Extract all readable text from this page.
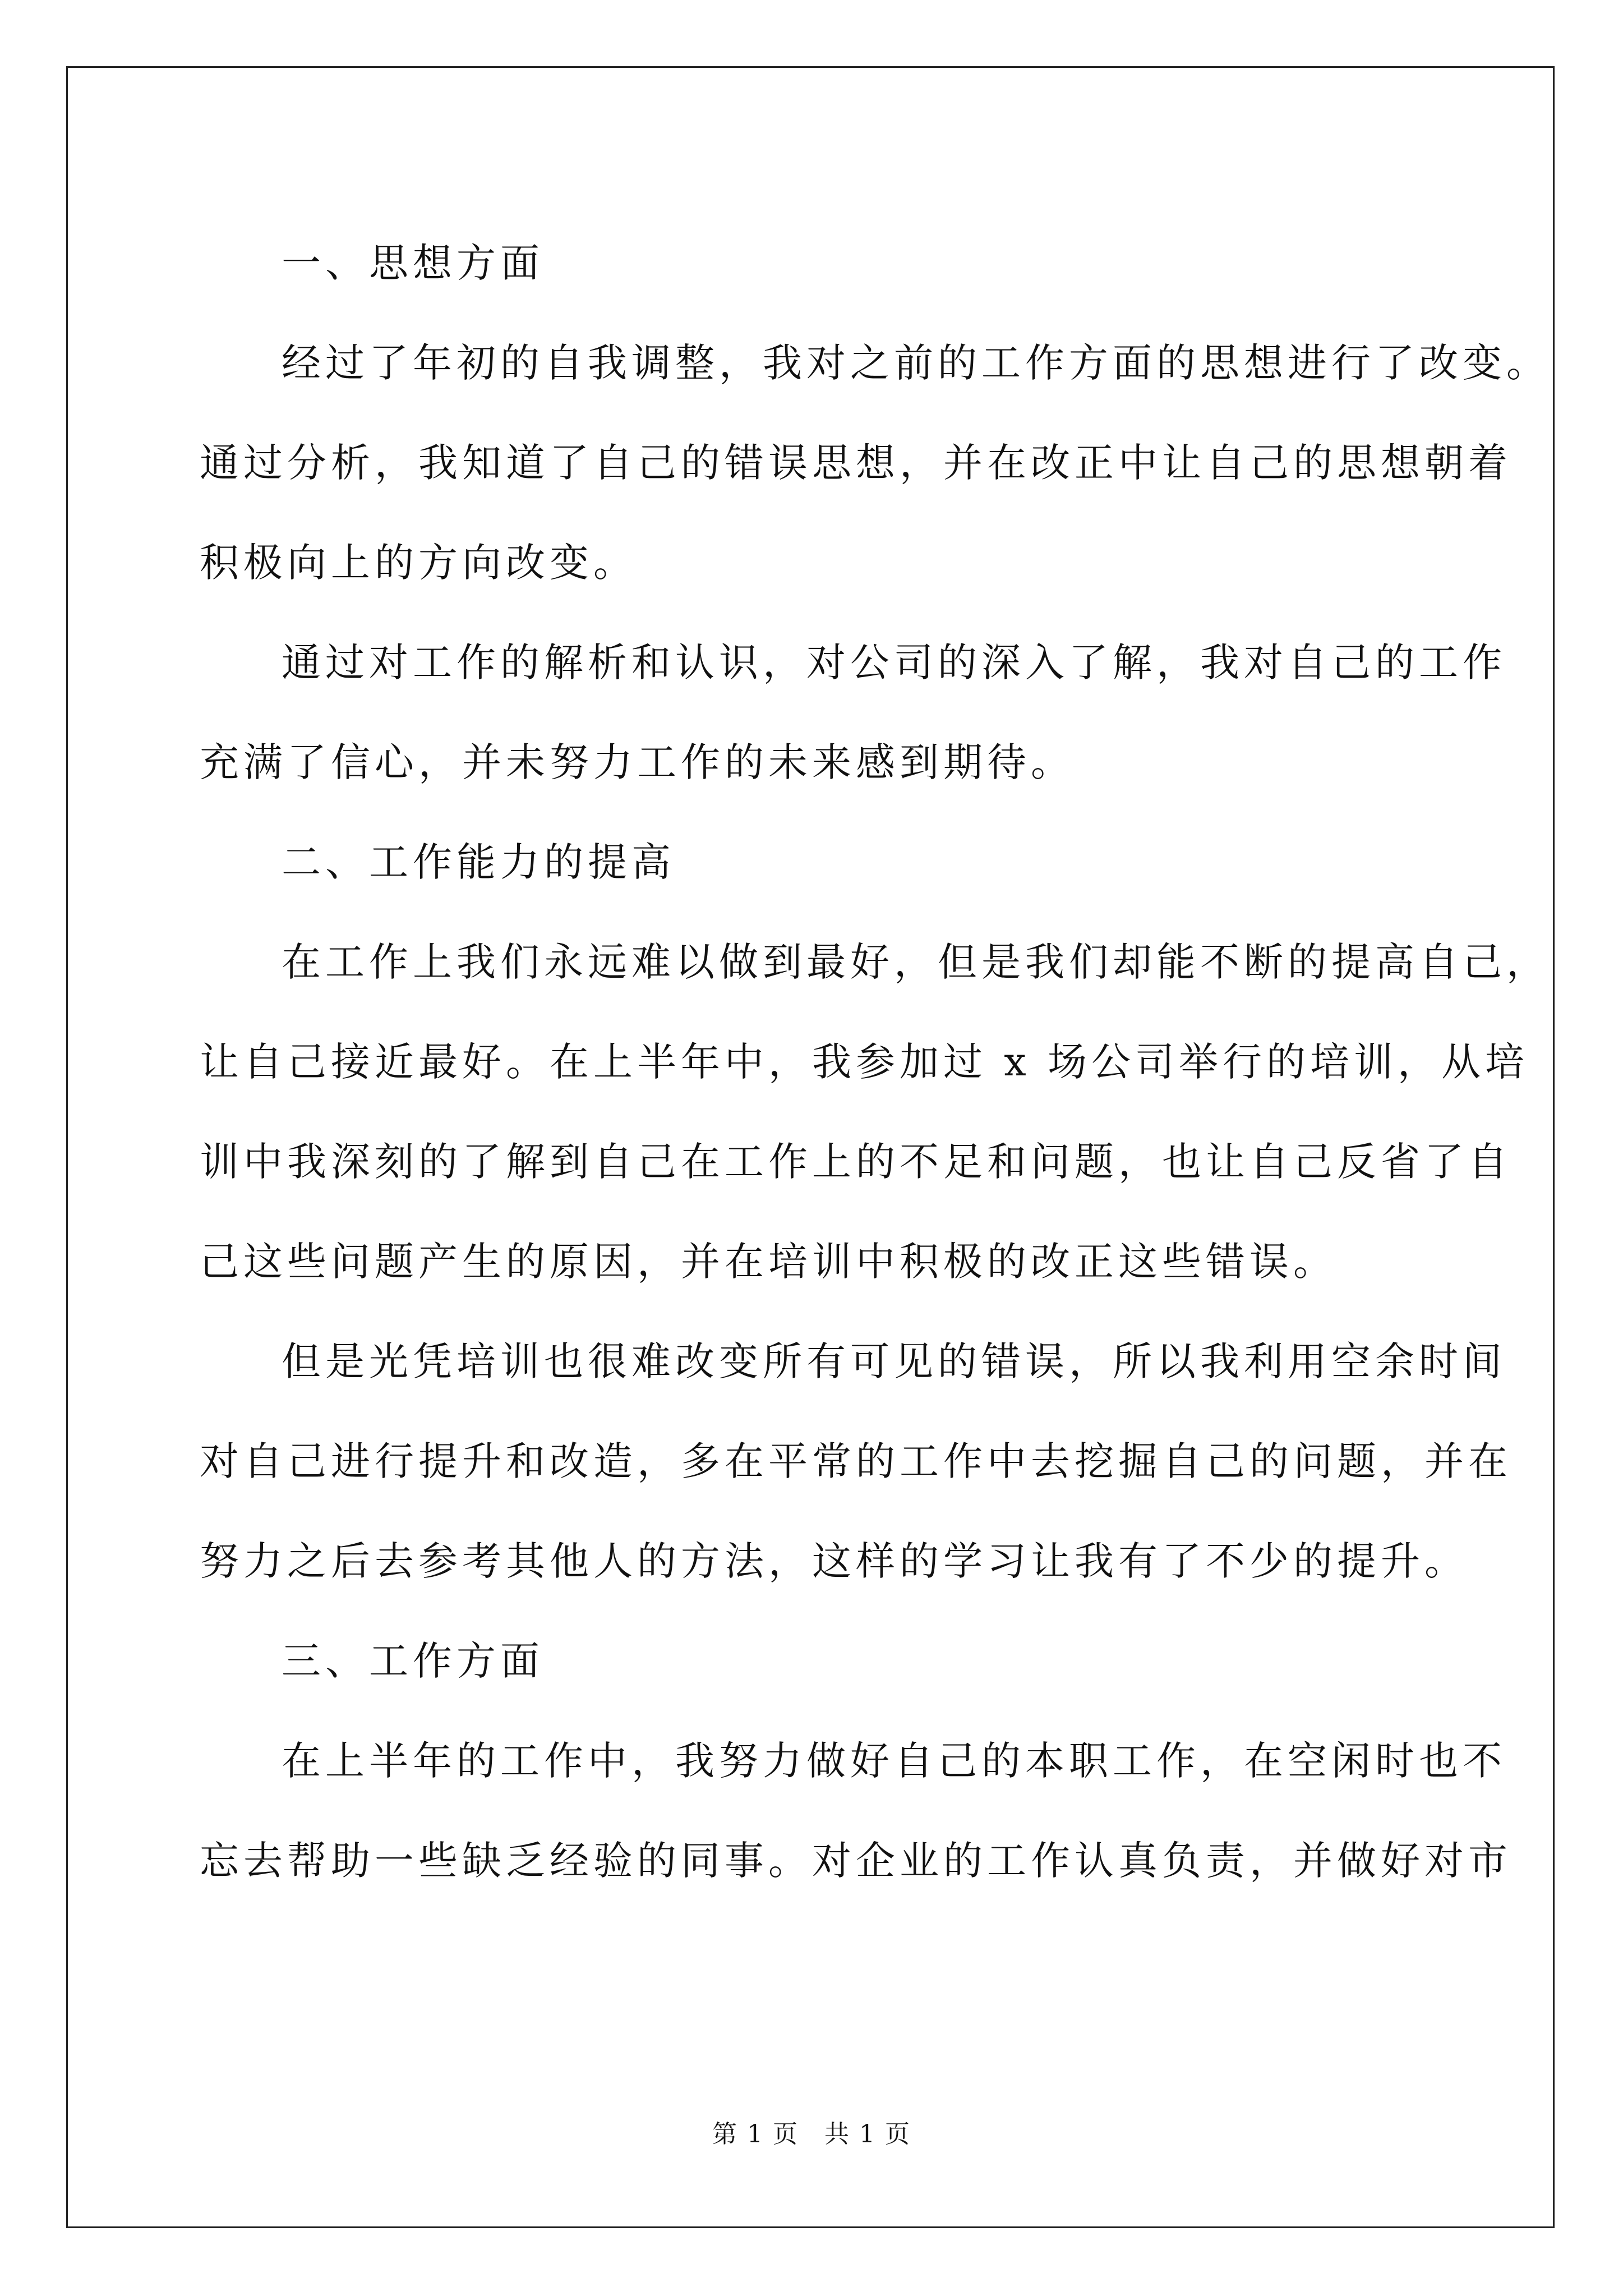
一、思想方面

经过了年初的自我调整，我对之前的工作方面的思想进行了改变。
通过分析，我知道了自己的错误思想，并在改正中让自己的思想朝着
积极向上的方向改变。

通过对工作的解析和认识，对公司的深入了解，我对自己的工作
充满了信心，并未努力工作的未来感到期待。

二、工作能力的提高

在工作上我们永远难以做到最好，但是我们却能不断的提高自己，
让自己接近最好。在上半年中，我参加过 x 场公司举行的培训，从培
训中我深刻的了解到自己在工作上的不足和问题，也让自己反省了自
己这些问题产生的原因，并在培训中积极的改正这些错误。

但是光凭培训也很难改变所有可见的错误，所以我利用空余时间
对自己进行提升和改造，多在平常的工作中去挖掘自己的问题，并在
努力之后去参考其他人的方法，这样的学习让我有了不少的提升。

三、工作方面

在上半年的工作中，我努力做好自己的本职工作，在空闲时也不
忘去帮助一些缺乏经验的同事。对企业的工作认真负责，并做好对市

第 1 页 共 1 页
